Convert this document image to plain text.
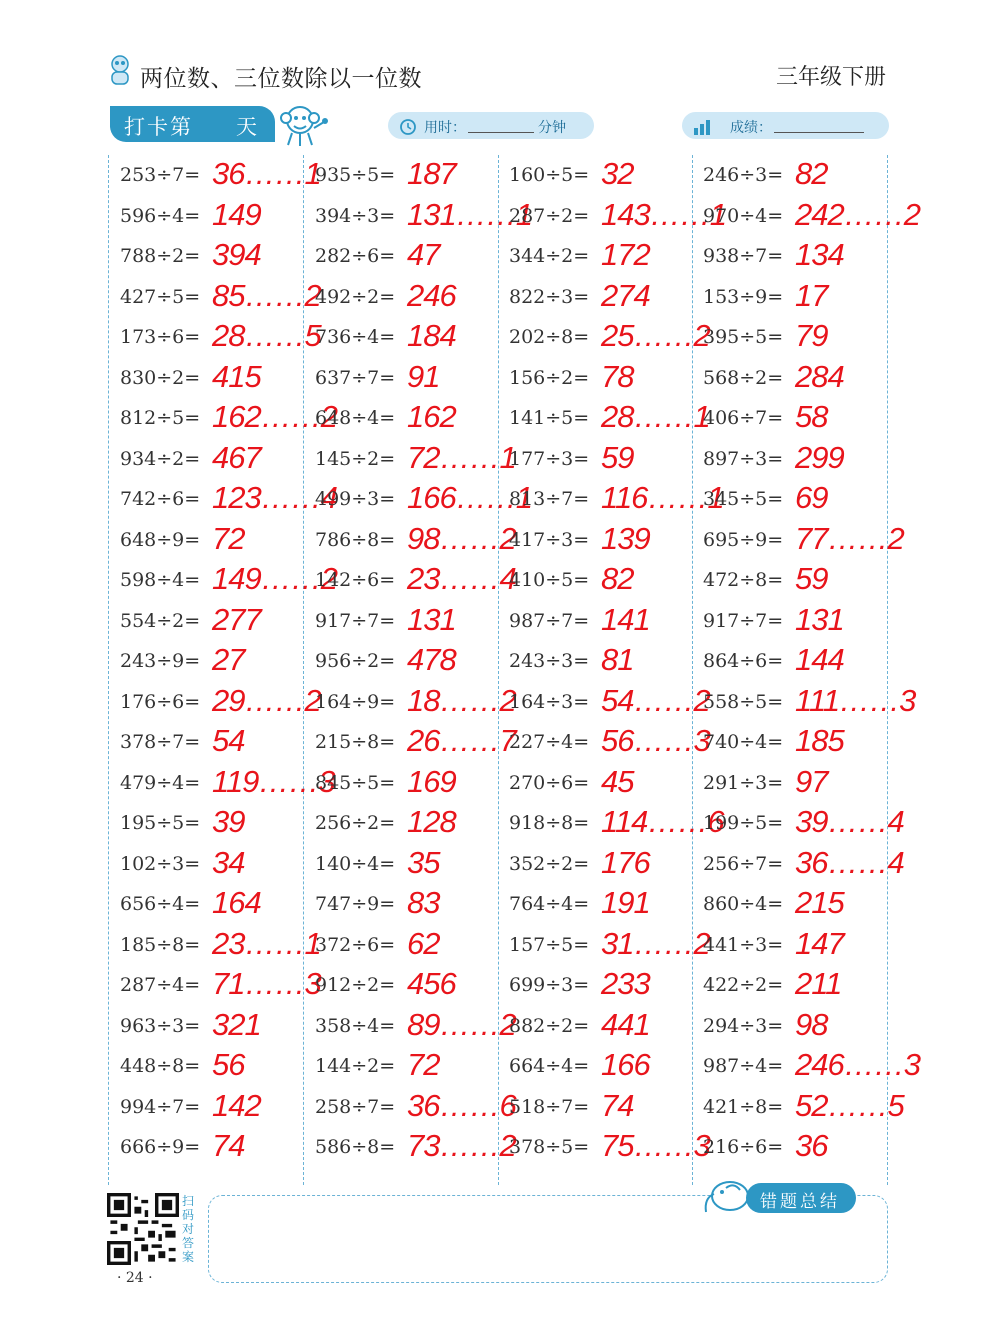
两位数、三位数除以一位数	三年级下册
打卡第 天	用时：	分钟	成绩：
253÷7= 36……1
596÷4= 149
788÷2= 394
427÷5= 85……2
173÷6= 28……5
830÷2= 415
812÷5= 162……2
934÷2= 467
742÷6= 123……4
648÷9= 72
598÷4= 149……2
554÷2= 277
243÷9= 27
176÷6= 29……2
378÷7= 54
479÷4= 119……3
195÷5= 39
102÷3= 34
656÷4= 164
185÷8= 23……1
287÷4= 71……3
963÷3= 321
448÷8= 56
994÷7= 142
666÷9= 74
935÷5= 187
394÷3= 131……1
282÷6= 47
492÷2= 246
736÷4= 184
637÷7= 91
648÷4= 162
145÷2= 72……1
499÷3= 166……1
786÷8= 98……2
142÷6= 23……4
917÷7= 131
956÷2= 478
164÷9= 18……2
215÷8= 26……7
845÷5= 169
256÷2= 128
140÷4= 35
747÷9= 83
372÷6= 62
912÷2= 456
358÷4= 89……2
144÷2= 72
258÷7= 36……6
586÷8= 73……2
160÷5= 32
287÷2= 143……1
344÷2= 172
822÷3= 274
202÷8= 25……2
156÷2= 78
141÷5= 28……1
177÷3= 59
813÷7= 116……1
417÷3= 139
410÷5= 82
987÷7= 141
243÷3= 81
164÷3= 54……2
227÷4= 56……3
270÷6= 45
918÷8= 114……6
352÷2= 176
764÷4= 191
157÷5= 31……2
699÷3= 233
882÷2= 441
664÷4= 166
518÷7= 74
378÷5= 75……3
246÷3= 82
970÷4= 242……2
938÷7= 134
153÷9= 17
395÷5= 79
568÷2= 284
406÷7= 58
897÷3= 299
345÷5= 69
695÷9= 77……2
472÷8= 59
917÷7= 131
864÷6= 144
558÷5= 111……3
740÷4= 185
291÷3= 97
199÷5= 39……4
256÷7= 36……4
860÷4= 215
441÷3= 147
422÷2= 211
294÷3= 98
987÷4= 246……3
421÷8= 52……5
216÷6= 36
错题总结
扫码对答案
· 24 ·
